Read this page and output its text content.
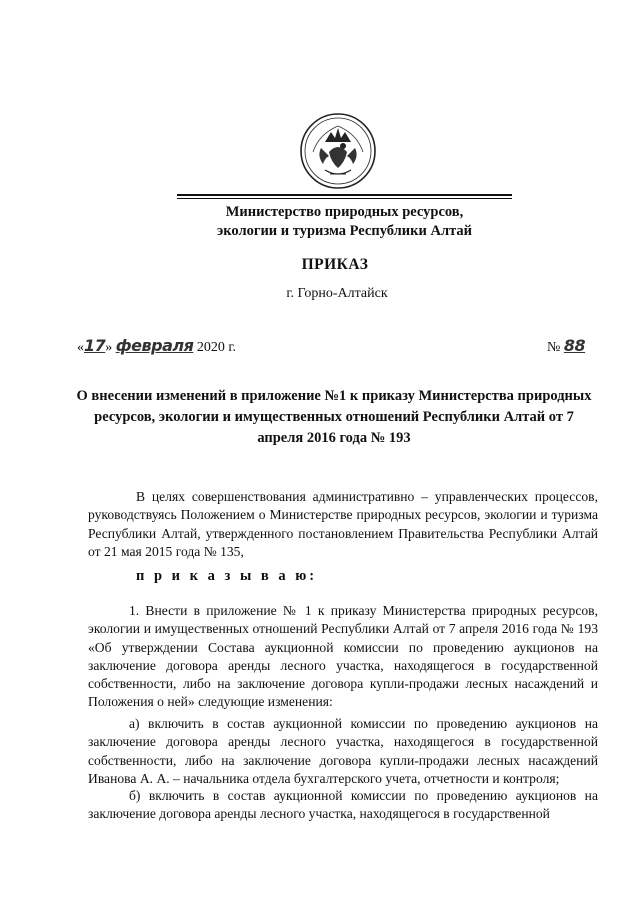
Министерство природных ресурсов,
экологии и туризма Республики Алтай
ПРИКАЗ
г. Горно-Алтайск
«17» февраля 2020 г.	№ 88
О внесении изменений в приложение №1 к приказу Министерства природных ресурсов, экологии и имущественных отношений Республики Алтай от 7 апреля 2016 года № 193
В целях совершенствования административно – управленческих процессов, руководствуясь Положением о Министерстве природных ресурсов, экологии и туризма Республики Алтай, утвержденного постановлением Правительства Республики Алтай от 21 мая 2015 года № 135,
п р и к а з ы в а ю:
1. Внести в приложение № 1 к приказу Министерства природных ресурсов, экологии и имущественных отношений Республики Алтай от 7 апреля 2016 года № 193 «Об утверждении Состава аукционной комиссии по проведению аукционов на заключение договора аренды лесного участка, находящегося в государственной собственности, либо на заключение договора купли-продажи лесных насаждений и Положения о ней» следующие изменения:
а) включить в состав аукционной комиссии по проведению аукционов на заключение договора аренды лесного участка, находящегося в государственной собственности, либо на заключение договора купли-продажи лесных насаждений Иванова А. А. – начальника отдела бухгалтерского учета, отчетности и контроля;
б) включить в состав аукционной комиссии по проведению аукционов на заключение договора аренды лесного участка, находящегося в государственной
